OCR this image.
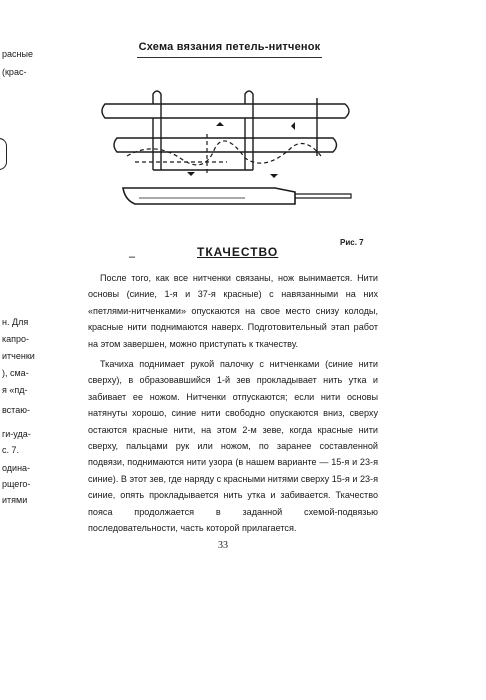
расные
(крас-
н. Для
капро-
итченки
), сма-
я «пд-
встаю-
ги-уда-
с. 7.
одина-
рщего-
итями
Схема вязания петель-нитченок
Рис. 7
–	ТКАЧЕСТВО

После того, как все нитченки связаны, нож вынимается. Нити основы (синие, 1-я и 37-я красные) с навязанными на них «петлями-нитченками» опускаются на свое место снизу колоды, красные нити поднимаются наверх. Подготовительный этап работ на этом завершен, можно приступать к ткачеству.

Ткачиха поднимает рукой палочку с нитченками (синие нити сверху), в образовавшийся 1-й зев прокладывает нить утка и забивает ее ножом. Нитченки отпускаются; если нити основы натянуты хорошо, синие нити свободно опускаются вниз, сверху остаются красные нити, на этом 2-м зеве, когда красные нити сверху, пальцами рук или ножом, по заранее составленной подвязи, поднимаются нити узора (в нашем варианте — 15-я и 23-я синие). В этот зев, где наряду с красными нитями сверху 15-я и 23-я синие, опять прокладывается нить утка и забивается. Ткачество пояса продолжается в заданной схемой-подвязью последовательности, часть которой прилагается.

33
